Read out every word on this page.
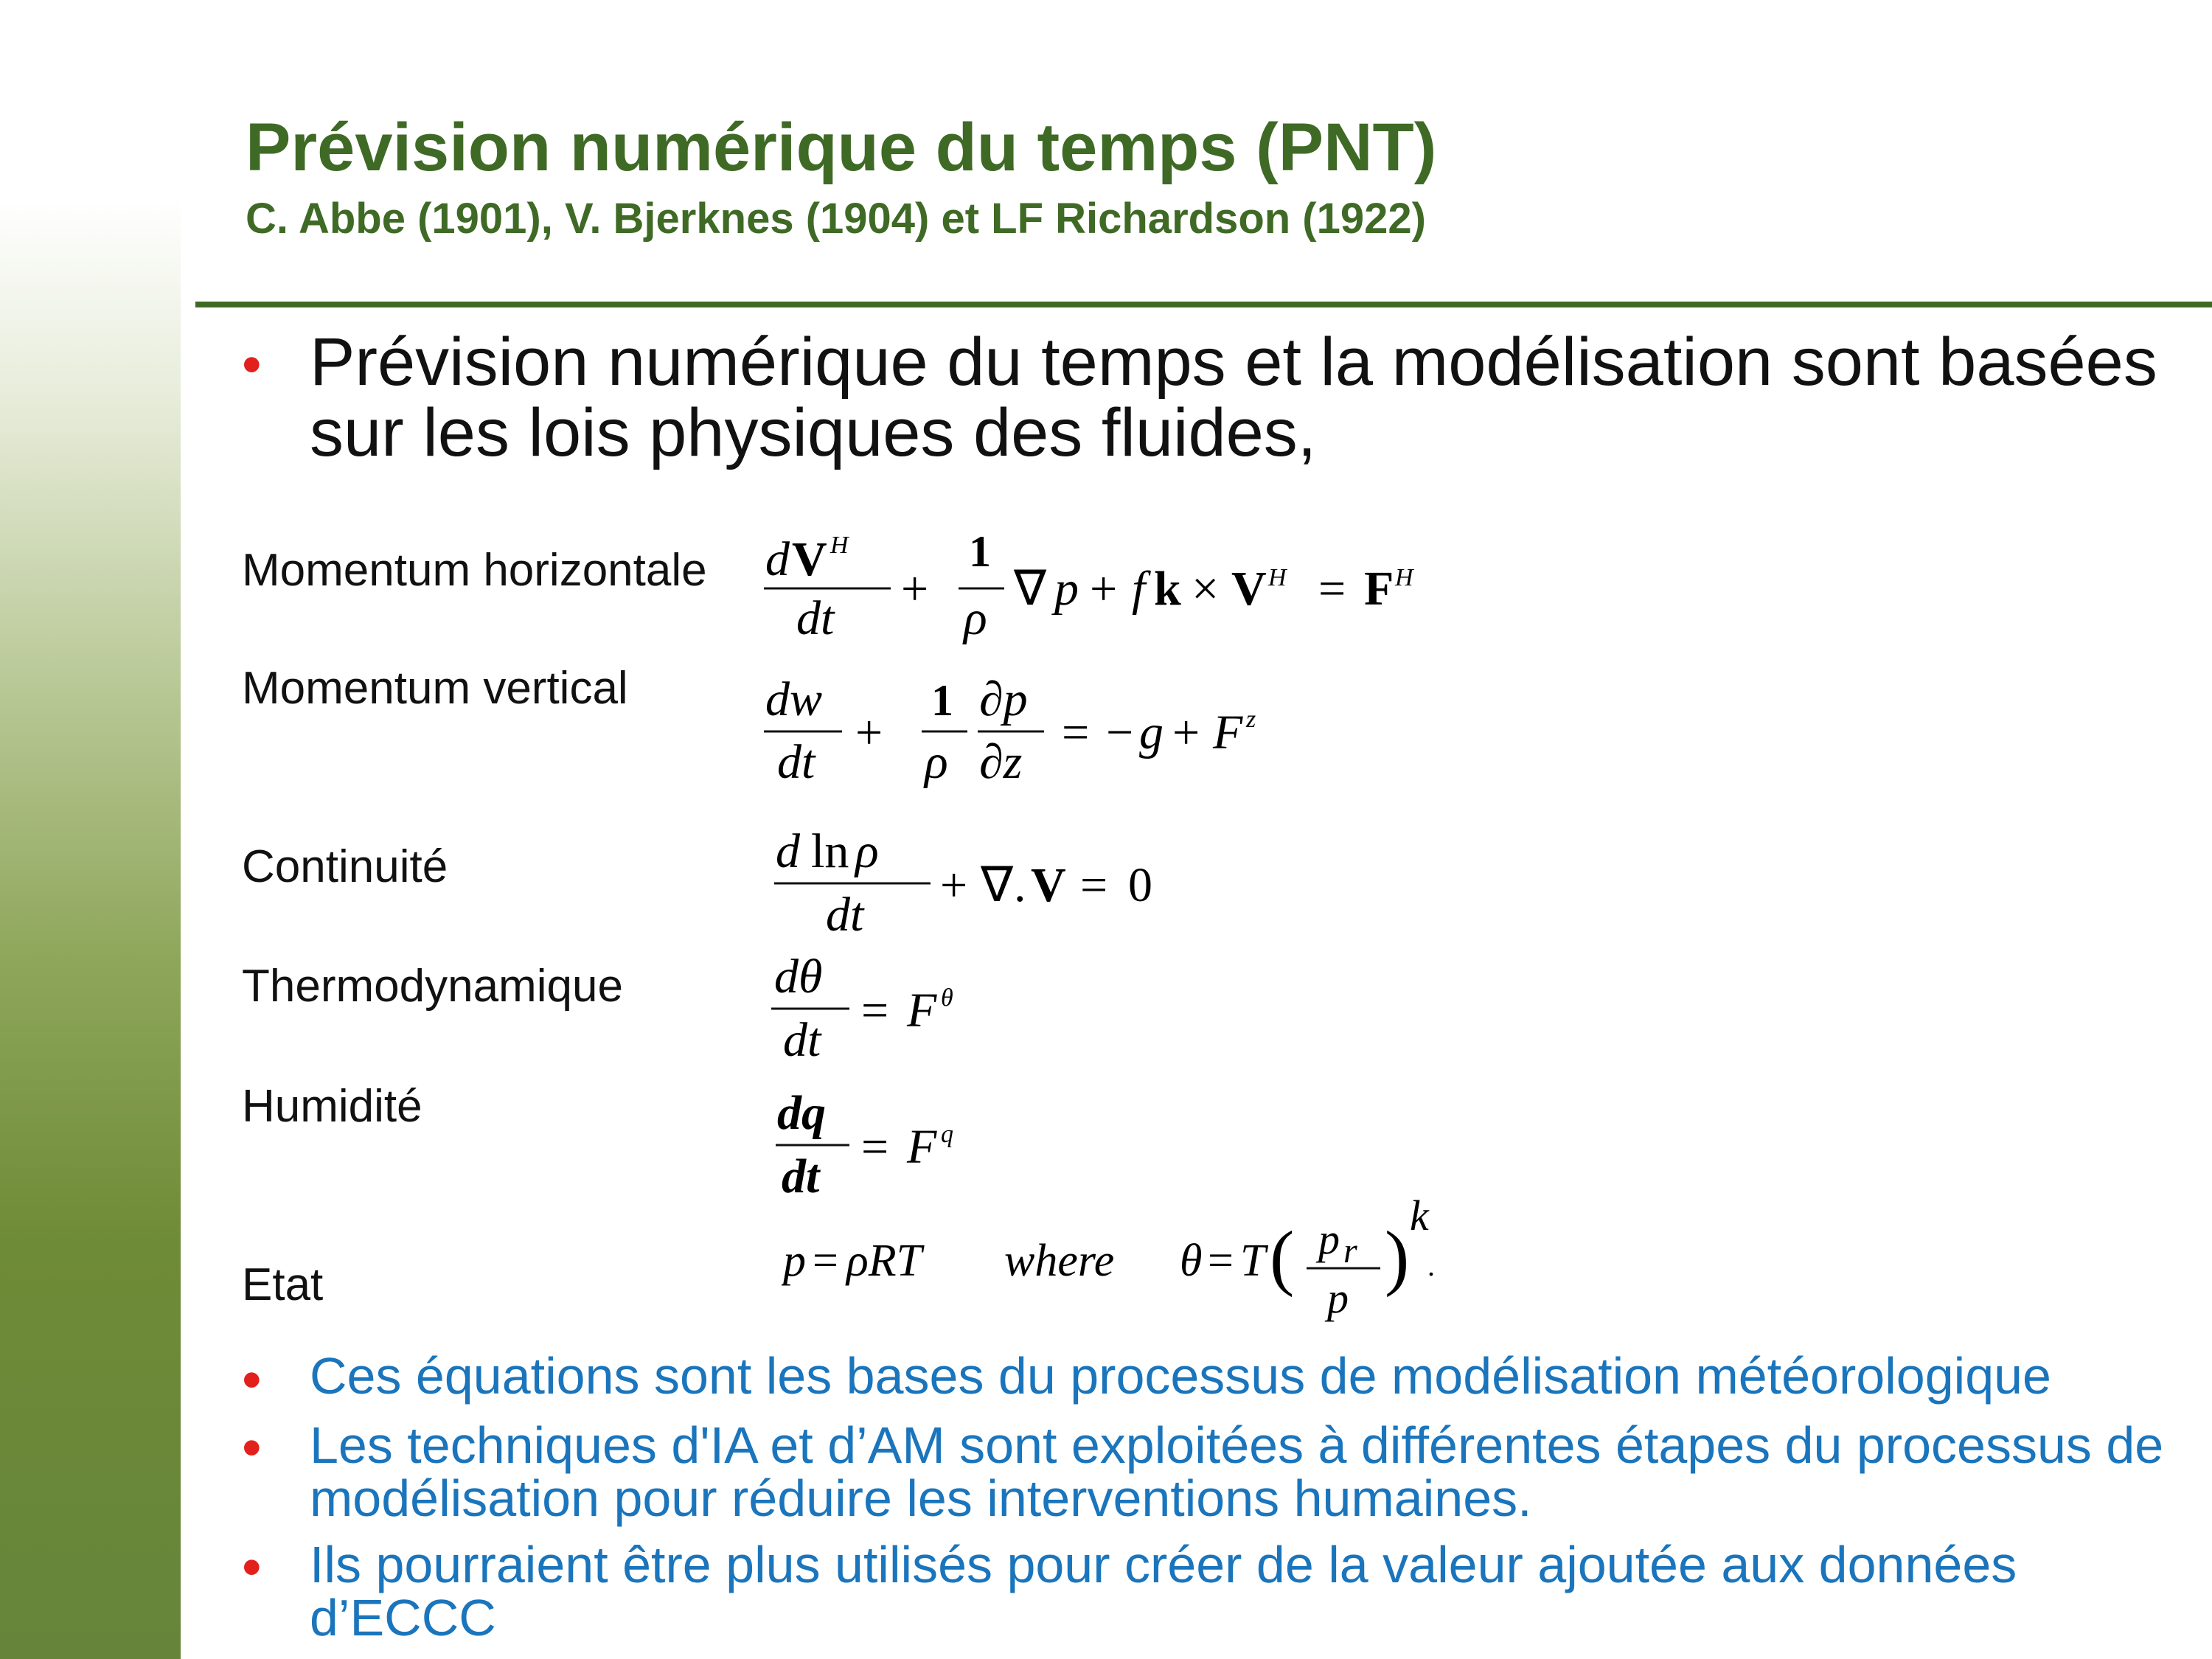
Prévision numérique du temps (PNT)
C. Abbe (1901), V. Bjerknes (1904) et LF Richardson (1922)
• Prévision numérique du temps et la modélisation sont basées sur les lois physiques des fluides,
Momentum horizontale
Momentum vertical
Continuité
Thermodynamique
Humidité
Etat
d V H
dt
+
1
ρ
∇ p + f k × V H = F H
dw
dt
+
1
ρ
∂p
∂z
= − g + F z
d ln ρ
dt
+ ∇ . V = 0
dθ
dt
= F θ
dq
dt
= F q
p = ρRT where θ = T ( p r
p
)
k
.
• Ces équations sont les bases du processus de modélisation météorologique
• Les techniques d'IA et d’AM sont exploitées à différentes étapes du processus de modélisation pour réduire les interventions humaines.
• Ils pourraient être plus utilisés pour créer de la valeur ajoutée aux données d’ECCC
